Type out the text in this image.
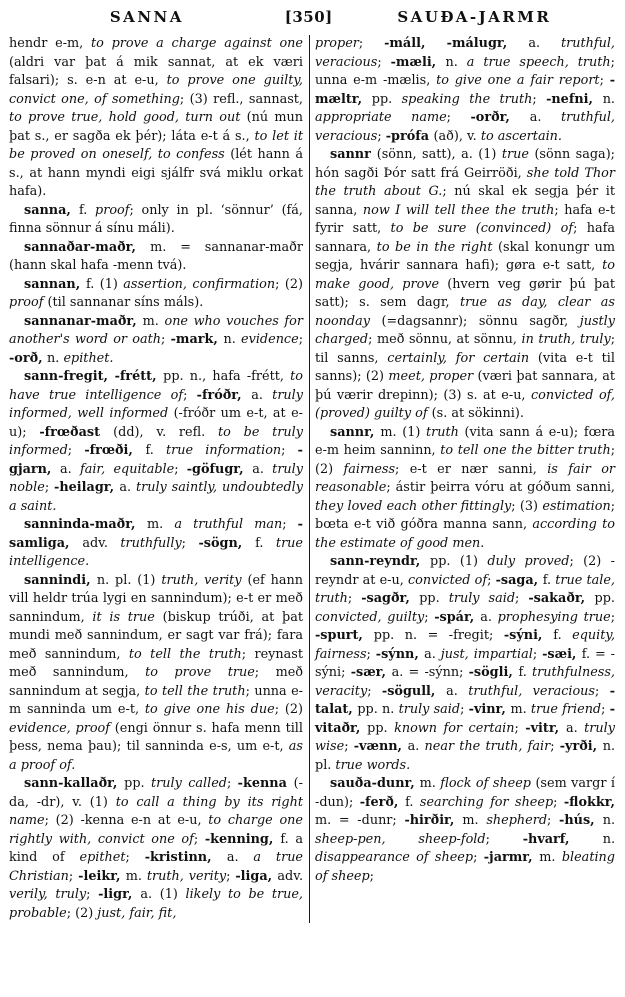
SANNA	[350]	SAUÐA-JARMR

hendr e-m, to prove a charge against one (aldri var þat á mik sannat, at ek væri falsari); s. e-n at e-u, to prove one guilty, convict one, of something; (3) refl., sannast, to prove true, hold good, turn out (nú mun þat s., er sagða ek þér); láta e-t á s., to let it be proved on oneself, to confess (lét hann á s., at hann myndi eigi sjálfr svá miklu orkat hafa).

sanna, f. proof; only in pl. ‘sönnur’ (fá, finna sönnur á sínu máli).

sannaðar-maðr, m. = sannanar-maðr (hann skal hafa -menn tvá).

sannan, f. (1) assertion, confirmation; (2) proof (til sannanar síns máls).

sannanar-maðr, m. one who vouches for another's word or oath; -mark, n. evidence; -orð, n. epithet.

sann-fregit, -frétt, pp. n., hafa -frétt, to have true intelligence of; -fróðr, a. truly informed, well informed (-fróðr um e-t, at e-u); -frœðast (dd), v. refl. to be truly informed; -frœði, f. true information; -gjarn, a. fair, equitable; -göfugr, a. truly noble; -heilagr, a. truly saintly, undoubtedly a saint.

sanninda-maðr, m. a truthful man; -samliga, adv. truthfully; -sögn, f. true intelligence.

sannindi, n. pl. (1) truth, verity (ef hann vill heldr trúa lygi en sannindum); e-t er með sannindum, it is true (biskup trúði, at þat mundi með sannindum, er sagt var frá); fara með sannindum, to tell the truth; reynast með sannindum, to prove true; með sannindum at segja, to tell the truth; unna e-m sanninda um e-t, to give one his due; (2) evidence, proof (engi önnur s. hafa menn till þess, nema þau); til sanninda e-s, um e-t, as a proof of.

sann-kallaðr, pp. truly called; -kenna (-da, -dr), v. (1) to call a thing by its right name; (2) -kenna e-n at e-u, to charge one rightly with, convict one of; -kenning, f. a kind of epithet; -kristinn, a. a true Christian; -leikr, m. truth, verity; -liga, adv. verily, truly; -ligr, a. (1) likely to be true, probable; (2) just, fair, fit,

proper; -máll, -málugr, a. truthful, veracious; -mæli, n. a true speech, truth; unna e-m -mælis, to give one a fair report; -mæltr, pp. speaking the truth; -nefni, n. appropriate name; -orðr, a. truthful, veracious; -prófa (að), v. to ascertain.

sannr (sönn, satt), a. (1) true (sönn saga); hón sagði Þór satt frá Geirröði, she told Thor the truth about G.; nú skal ek segja þér it sanna, now I will tell thee the truth; hafa e-t fyrir satt, to be sure (convinced) of; hafa sannara, to be in the right (skal konungr um segja, hvárir sannara hafi); gøra e-t satt, to make good, prove (hvern veg gørir þú þat satt); s. sem dagr, true as day, clear as noonday (=dagsannr); sönnu sagðr, justly charged; með sönnu, at sönnu, in truth, truly; til sanns, certainly, for certain (vita e-t til sanns); (2) meet, proper (væri þat sannara, at þú værir drepinn); (3) s. at e-u, convicted of, (proved) guilty of (s. at sökinni).

sannr, m. (1) truth (vita sann á e-u); fœra e-m heim sanninn, to tell one the bitter truth; (2) fairness; e-t er nær sanni, is fair or reasonable; ástir þeirra vóru at góðum sanni, they loved each other fittingly; (3) estimation; bœta e-t við góðra manna sann, according to the estimate of good men.

sann-reyndr, pp. (1) duly proved; (2) -reyndr at e-u, convicted of; -saga, f. true tale, truth; -sagðr, pp. truly said; -sakaðr, pp. convicted, guilty; -spár, a. prophesying true; -spurt, pp. n. = -fregit; -sýni, f. equity, fairness; -sýnn, a. just, impartial; -sæi, f. = -sýni; -sær, a. = -sýnn; -sögli, f. truthfulness, veracity; -sögull, a. truthful, veracious; -talat, pp. n. truly said; -vinr, m. true friend; -vitaðr, pp. known for certain; -vitr, a. truly wise; -vænn, a. near the truth, fair; -yrði, n. pl. true words.

sauða-dunr, m. flock of sheep (sem vargr í -dun); -ferð, f. searching for sheep; -flokkr, m. = -dunr; -hirðir, m. shepherd; -hús, n. sheep-pen, sheep-fold; -hvarf, n. disappearance of sheep; -jarmr, m. bleating of sheep;
